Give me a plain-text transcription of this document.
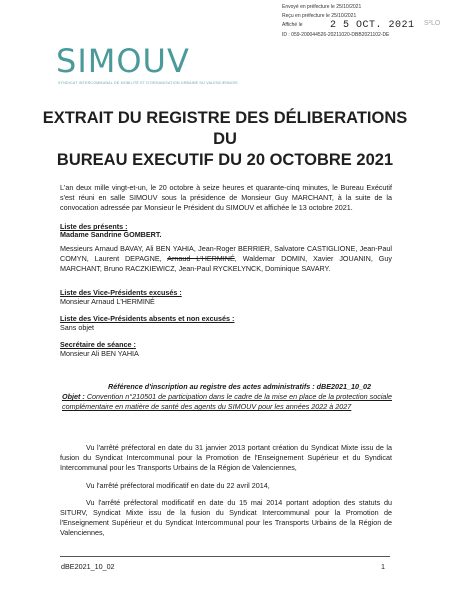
Envoyé en préfecture le 25/10/2021
Reçu en préfecture le 25/10/2021
Affiché le	2 5 OCT. 2021 S²LO
ID : 059-200044526-20211020-DBB2021102-DE
SIMOUV
SYNDICAT INTERCOMMUNAL DE MOBILITÉ ET D'ORGANISATION URBAINE DU VALENCIENNOIS
EXTRAIT DU REGISTRE DES DÉLIBERATIONS DU
BUREAU EXECUTIF DU 20 OCTOBRE 2021
L'an deux mille vingt-et-un, le 20 octobre à seize heures et quarante-cinq minutes, le Bureau Exécutif s'est réuni en salle SIMOUV sous la présidence de Monsieur Guy MARCHANT, à la suite de la convocation adressée par Monsieur le Président du SIMOUV et affichée le 13 octobre 2021.
Liste des présents :
Madame Sandrine GOMBERT.
Messieurs Arnaud BAVAY, Ali BEN YAHIA, Jean-Roger BERRIER, Salvatore CASTIGLIONE, Jean-Paul COMYN, Laurent DEPAGNE, Arnaud L'HERMINÉ, Waldemar DOMIN, Xavier JOUANIN, Guy MARCHANT, Bruno RACZKIEWICZ, Jean-Paul RYCKELYNCK, Dominique SAVARY.
Liste des Vice-Présidents excusés :
Monsieur Arnaud L'HERMINÉ
Liste des Vice-Présidents absents et non excusés :
Sans objet
Secrétaire de séance :
Monsieur Ali BEN YAHIA
Référence d'inscription au registre des actes administratifs : dBE2021_10_02
Objet : Convention n°210501 de participation dans le cadre de la mise en place de la protection sociale complémentaire en matière de santé des agents du SIMOUV pour les années 2022 à 2027
Vu l'arrêté préfectoral en date du 31 janvier 2013 portant création du Syndicat Mixte issu de la fusion du Syndicat Intercommunal pour la Promotion de l'Enseignement Supérieur et du Syndicat Intercommunal pour les Transports Urbains de la Région de Valenciennes,
Vu l'arrêté préfectoral modificatif en date du 22 avril 2014,
Vu l'arrêté préfectoral modificatif en date du 15 mai 2014 portant adoption des statuts du SITURV, Syndicat Mixte issu de la fusion du Syndicat Intercommunal pour la Promotion de l'Enseignement Supérieur et du Syndicat Intercommunal pour les Transports Urbains de la Région de Valenciennes,
dBE2021_10_02	1
